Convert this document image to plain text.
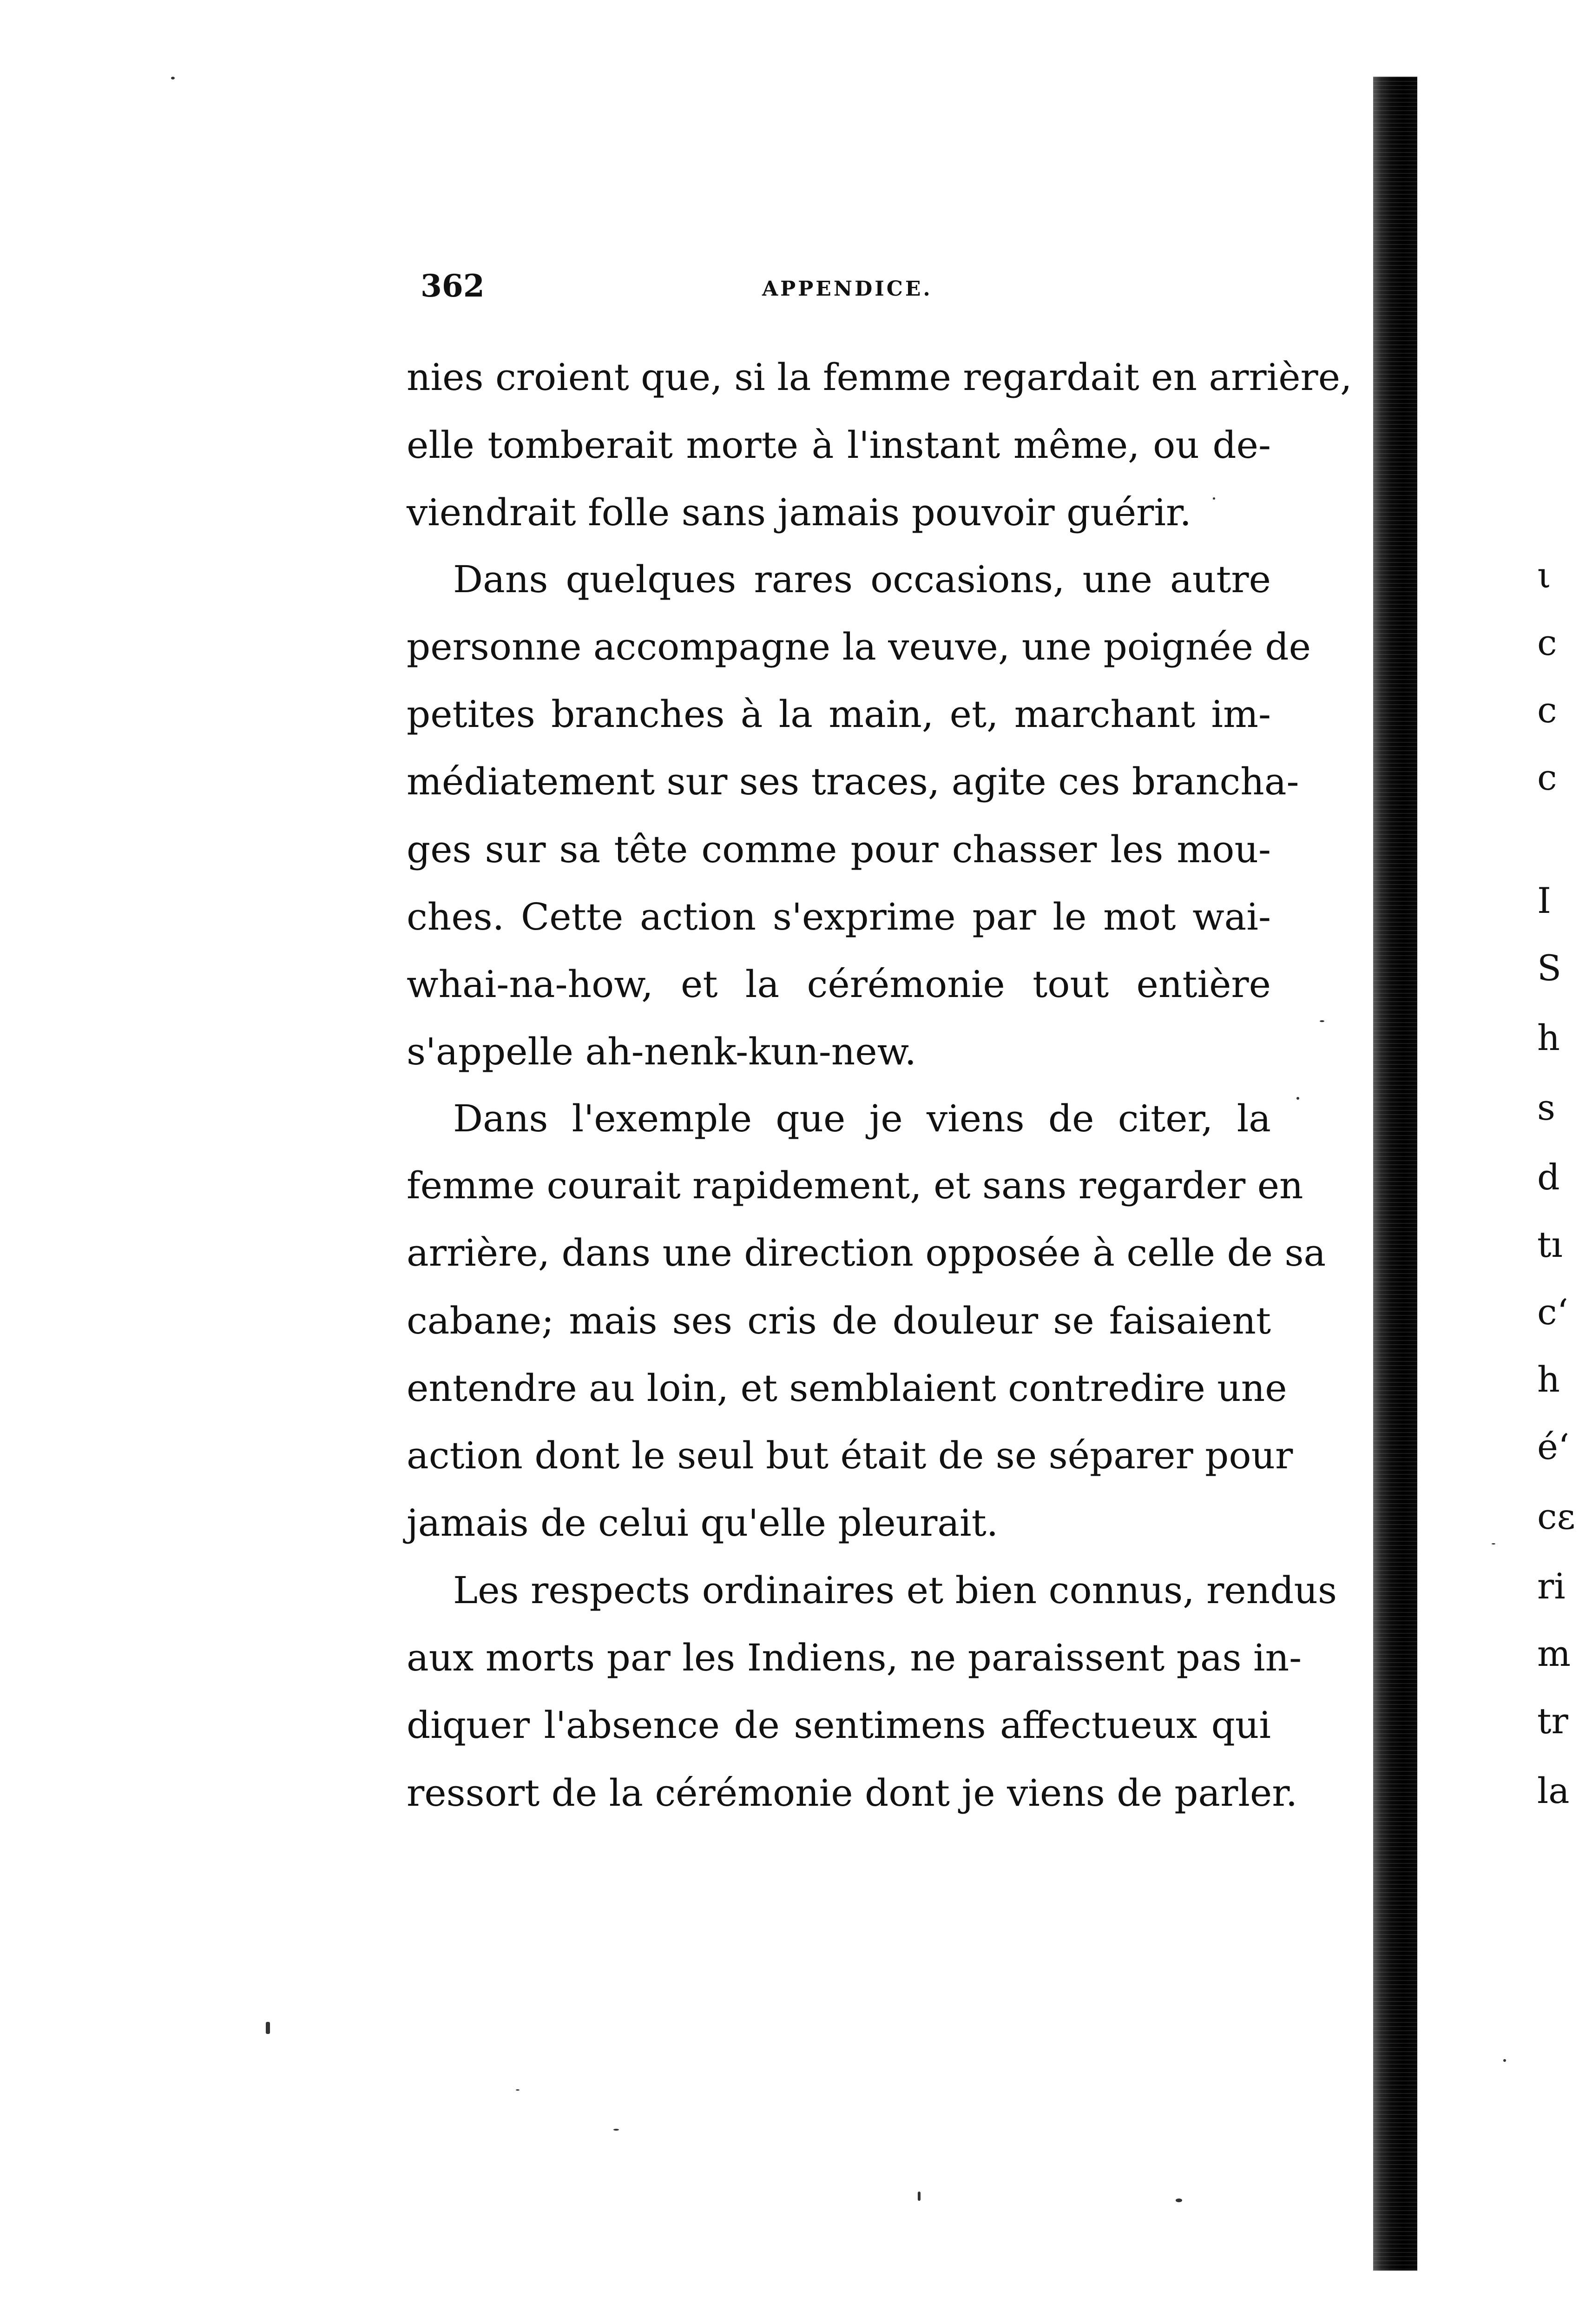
362	APPENDICE.
nies croient que, si la femme regardait en arrière,
elle tomberait morte à l'instant même, ou de-
viendrait folle sans jamais pouvoir guérir.
Dans quelques rares occasions, une autre
personne accompagne la veuve, une poignée de
petites branches à la main, et, marchant im-
médiatement sur ses traces, agite ces brancha-
ges sur sa tête comme pour chasser les mou-
ches. Cette action s'exprime par le mot wai-
whai-na-how, et la cérémonie tout entière
s'appelle ah-nenk-kun-new.
Dans l'exemple que je viens de citer, la
femme courait rapidement, et sans regarder en
arrière, dans une direction opposée à celle de sa
cabane; mais ses cris de douleur se faisaient
entendre au loin, et semblaient contredire une
action dont le seul but était de se séparer pour
jamais de celui qu'elle pleurait.
Les respects ordinaires et bien connus, rendus
aux morts par les Indiens, ne paraissent pas in-
diquer l'absence de sentimens affectueux qui
ressort de la cérémonie dont je viens de parler.
ι
c
c
c
I
S
h
s
d
tı
cʻ
h
éʻ
cε
ri
m
tr
la
